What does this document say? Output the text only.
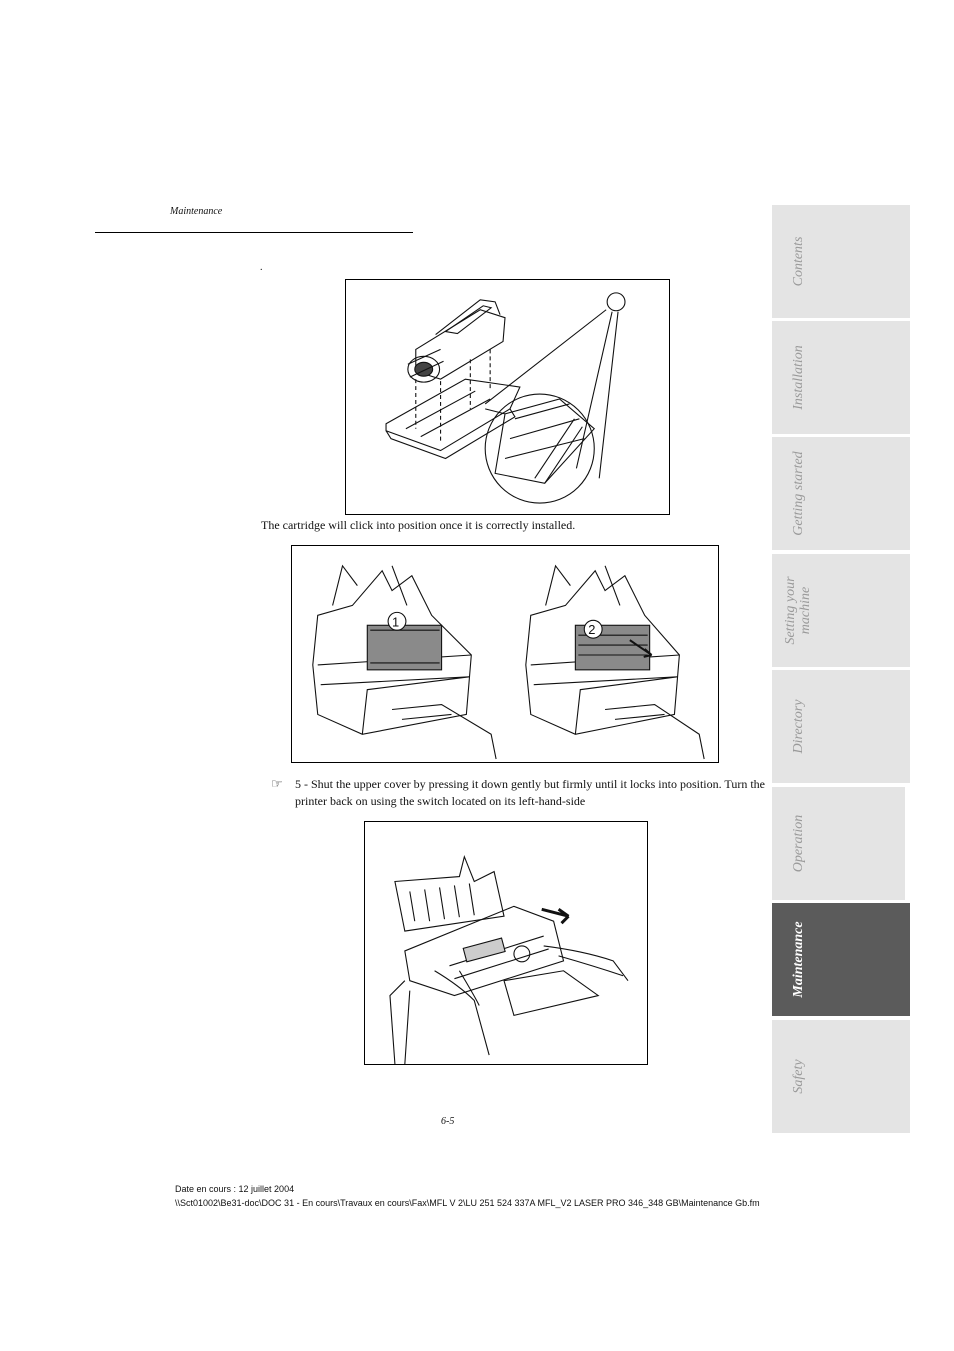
Maintenance
.
The cartridge will click into position once it is correctly installed.
1
2
☞ 5 - Shut the upper cover by pressing it down gently but firmly until it locks into position. Turn the printer back on using the switch located on its left-hand-side
6-5
Date en cours : 12 juillet 2004
\\Sct01002\Be31-doc\DOC 31 - En cours\Travaux en cours\Fax\MFL V 2\LU 251 524 337A MFL_V2 LASER PRO 346_348 GB\Maintenance Gb.fm
Contents
Installation
Getting started
Setting your machine
Directory
Operation
Maintenance
Safety
